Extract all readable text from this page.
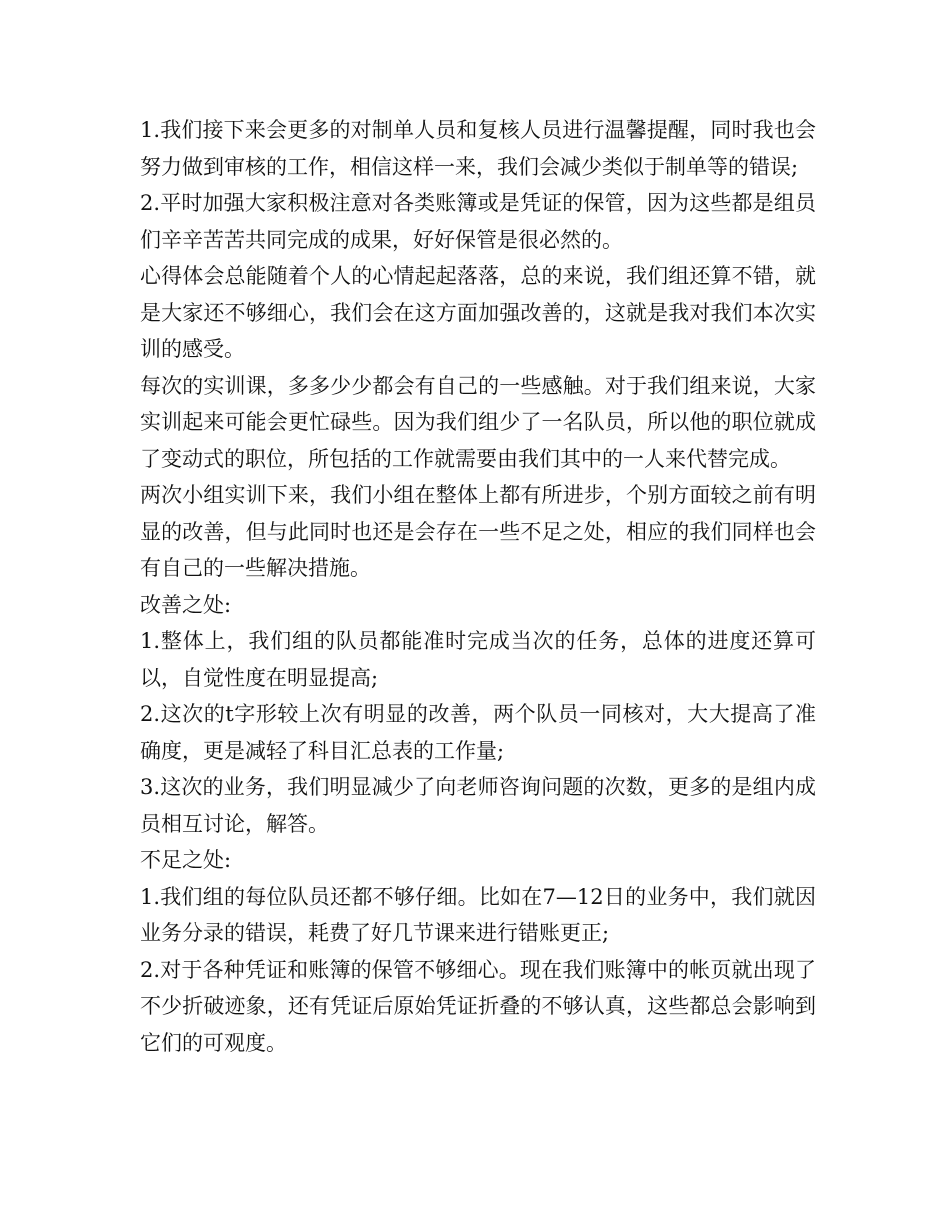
1.我们接下来会更多的对制单人员和复核人员进行温馨提醒，同时我也会努力做到审核的工作，相信这样一来，我们会减少类似于制单等的错误;

2.平时加强大家积极注意对各类账簿或是凭证的保管，因为这些都是组员们辛辛苦苦共同完成的成果，好好保管是很必然的。

心得体会总能随着个人的心情起起落落，总的来说，我们组还算不错，就是大家还不够细心，我们会在这方面加强改善的，这就是我对我们本次实训的感受。

每次的实训课，多多少少都会有自己的一些感触。对于我们组来说，大家实训起来可能会更忙碌些。因为我们组少了一名队员，所以他的职位就成了变动式的职位，所包括的工作就需要由我们其中的一人来代替完成。

两次小组实训下来，我们小组在整体上都有所进步，个别方面较之前有明显的改善，但与此同时也还是会存在一些不足之处，相应的我们同样也会有自己的一些解决措施。

改善之处:

1.整体上，我们组的队员都能准时完成当次的任务，总体的进度还算可以，自觉性度在明显提高;

2.这次的t字形较上次有明显的改善，两个队员一同核对，大大提高了准确度，更是减轻了科目汇总表的工作量;

3.这次的业务，我们明显减少了向老师咨询问题的次数，更多的是组内成员相互讨论，解答。

不足之处:

1.我们组的每位队员还都不够仔细。比如在7—12日的业务中，我们就因业务分录的错误，耗费了好几节课来进行错账更正;

2.对于各种凭证和账簿的保管不够细心。现在我们账簿中的帐页就出现了不少折破迹象，还有凭证后原始凭证折叠的不够认真，这些都总会影响到它们的可观度。
